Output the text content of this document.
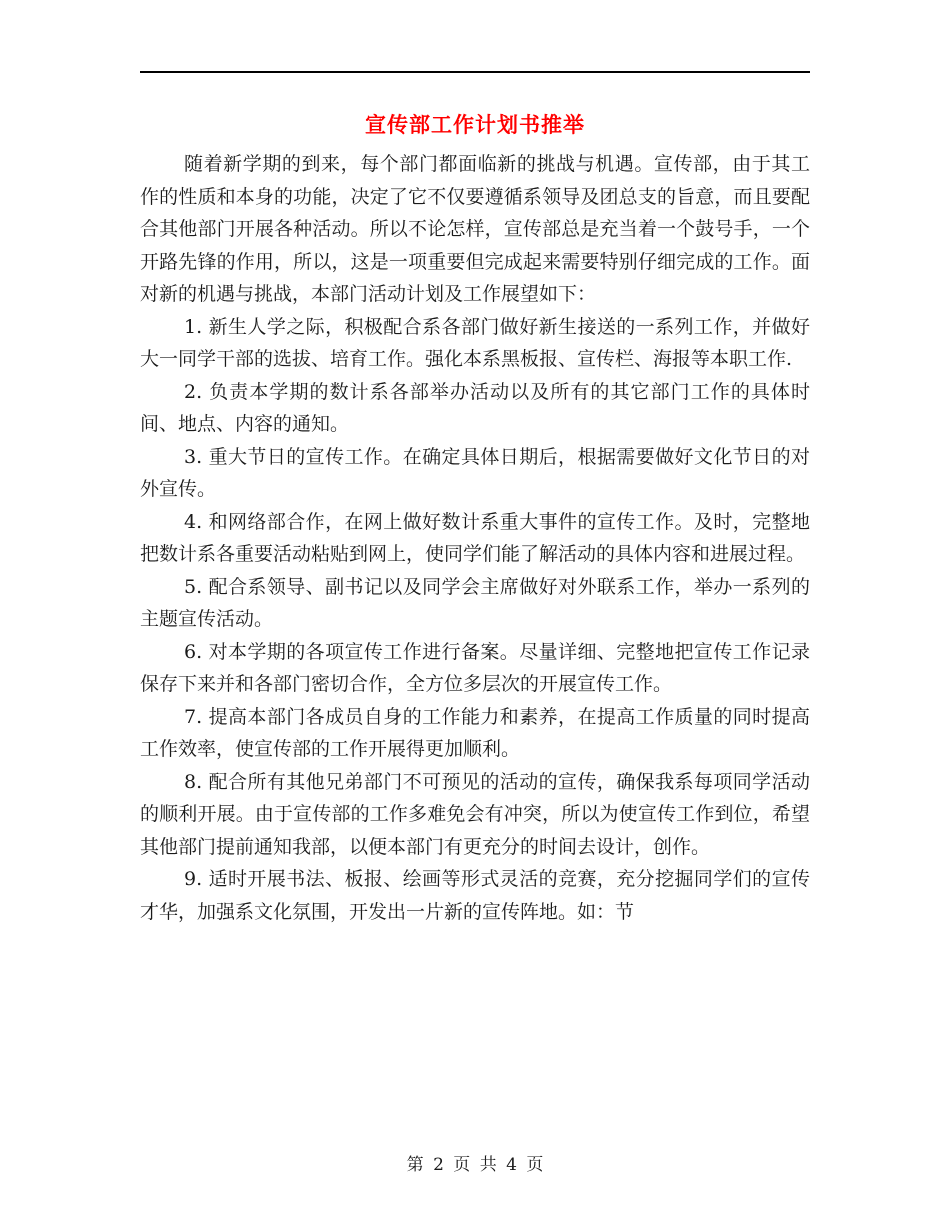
宣传部工作计划书推举

随着新学期的到来，每个部门都面临新的挑战与机遇。宣传部，由于其工作的性质和本身的功能，决定了它不仅要遵循系领导及团总支的旨意，而且要配合其他部门开展各种活动。所以不论怎样，宣传部总是充当着一个鼓号手，一个开路先锋的作用，所以，这是一项重要但完成起来需要特别仔细完成的工作。面对新的机遇与挑战，本部门活动计划及工作展望如下：

1. 新生人学之际，积极配合系各部门做好新生接送的一系列工作，并做好大一同学干部的选拔、培育工作。强化本系黑板报、宣传栏、海报等本职工作.

2. 负责本学期的数计系各部举办活动以及所有的其它部门工作的具体时间、地点、内容的通知。

3. 重大节日的宣传工作。在确定具体日期后，根据需要做好文化节日的对外宣传。

4. 和网络部合作，在网上做好数计系重大事件的宣传工作。及时，完整地把数计系各重要活动粘贴到网上，使同学们能了解活动的具体内容和进展过程。

5. 配合系领导、副书记以及同学会主席做好对外联系工作，举办一系列的主题宣传活动。

6. 对本学期的各项宣传工作进行备案。尽量详细、完整地把宣传工作记录保存下来并和各部门密切合作，全方位多层次的开展宣传工作。

7. 提高本部门各成员自身的工作能力和素养，在提高工作质量的同时提高工作效率，使宣传部的工作开展得更加顺利。

8. 配合所有其他兄弟部门不可预见的活动的宣传，确保我系每项同学活动的顺利开展。由于宣传部的工作多难免会有冲突，所以为使宣传工作到位，希望其他部门提前通知我部，以便本部门有更充分的时间去设计，创作。

9. 适时开展书法、板报、绘画等形式灵活的竞赛，充分挖掘同学们的宣传才华，加强系文化氛围，开发出一片新的宣传阵地。如：节

第 2 页 共 4 页
